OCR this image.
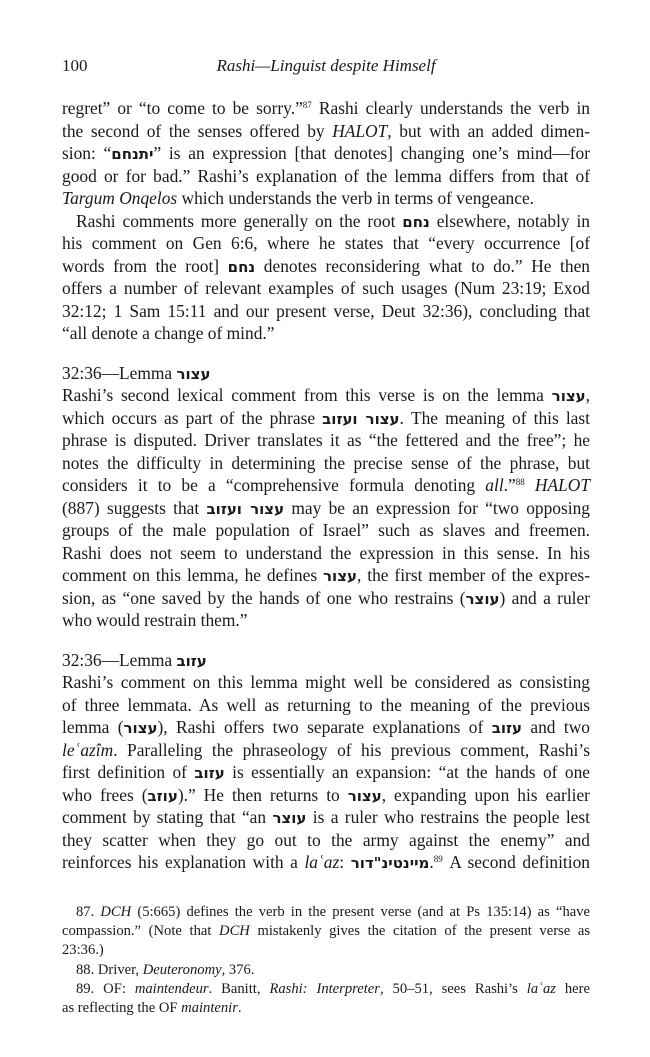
100	Rashi—Linguist despite Himself
regret” or “to come to be sorry.”$^{87}$ Rashi clearly understands the verb in
the second of the senses offered by HALOT, but with an added dimen-
sion: “יתנחם” is an expression [that denotes] changing one’s mind—for
good or for bad.” Rashi’s explanation of the lemma differs from that of
Targum Onqelos which understands the verb in terms of vengeance.
Rashi comments more generally on the root נחם elsewhere, notably in
his comment on Gen 6:6, where he states that “every occurrence [of
words from the root] נחם denotes reconsidering what to do.” He then
offers a number of relevant examples of such usages (Num 23:19; Exod
32:12; 1 Sam 15:11 and our present verse, Deut 32:36), concluding that
“all denote a change of mind.”
32:36—Lemma עצור
Rashi’s second lexical comment from this verse is on the lemma עצור,
which occurs as part of the phrase עצור ועזוב. The meaning of this last
phrase is disputed. Driver translates it as “the fettered and the free”; he
notes the difficulty in determining the precise sense of the phrase, but
considers it to be a “comprehensive formula denoting all.”$^{88}$ HALOT
(887) suggests that עצור ועזוב may be an expression for “two opposing
groups of the male population of Israel” such as slaves and freemen.
Rashi does not seem to understand the expression in this sense. In his
comment on this lemma, he defines עצור, the first member of the expres-
sion, as “one saved by the hands of one who restrains (עוצר) and a ruler
who would restrain them.”
32:36—Lemma עזוב
Rashi’s comment on this lemma might well be considered as consisting
of three lemmata. As well as returning to the meaning of the previous
lemma (עצור), Rashi offers two separate explanations of עזוב and two
leʿazîm. Paralleling the phraseology of his previous comment, Rashi’s
first definition of עזוב is essentially an expansion: “at the hands of one
who frees (עוזב).” He then returns to עצור, expanding upon his earlier
comment by stating that “an עוצר is a ruler who restrains the people lest
they scatter when they go out to the army against the enemy” and
reinforces his explanation with a laʿaz: מיינטינ"דור.$^{89}$ A second definition
87. DCH (5:665) defines the verb in the present verse (and at Ps 135:14) as “have
compassion.” (Note that DCH mistakenly gives the citation of the present verse as
23:36.)
88. Driver, Deuteronomy, 376.
89. OF: maintendeur. Banitt, Rashi: Interpreter, 50–51, sees Rashi’s laʿaz here
as reflecting the OF maintenir.
